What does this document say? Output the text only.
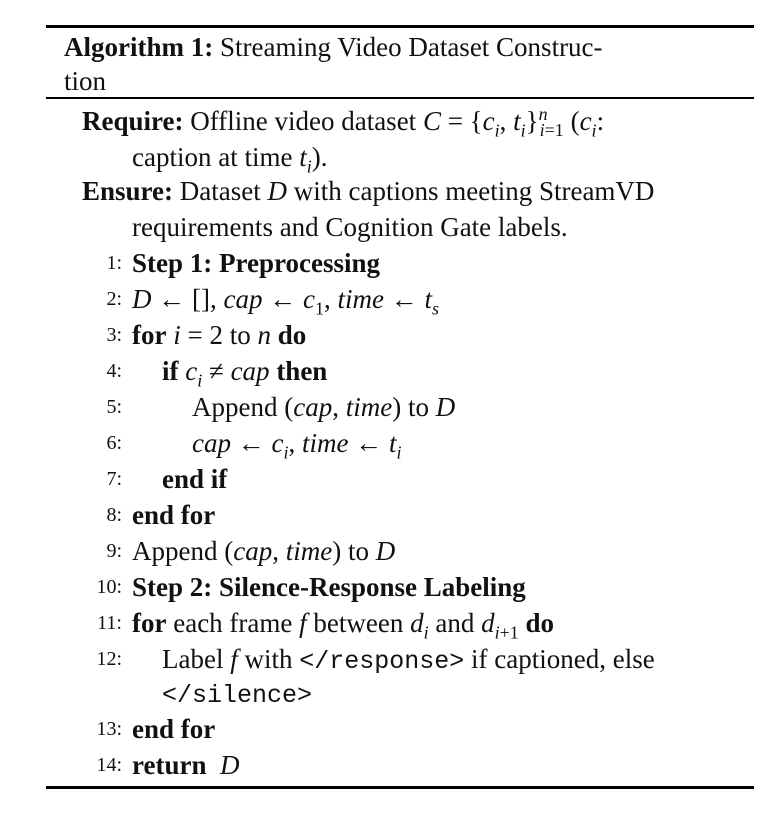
Algorithm 1: Streaming Video Dataset Construc-
tion
Require: Offline video dataset $C = \{c_i$, $t_i\}^n_{i=1}$ ($c_i$:
caption at time $t_i$).
Ensure: Dataset D with captions meeting StreamVD
requirements and Cognition Gate labels.
1: Step 1: Preprocessing
2: D ← [], cap ← $c_1$, time ← $t_s$
3: for i = 2 to n do
4: if $c_i$ ≠ cap then
5:	Append (cap, time) to D
6:	cap ← $c_i$, time ← $t_i$
7: end if
8: end for
9: Append (cap, time) to D
10: Step 2: Silence-Response Labeling
11: for each frame f between $d_i$ and $d_{i+1}$ do
12: Label f with </response> if captioned, else
</silence>
13: end for
14: return D
